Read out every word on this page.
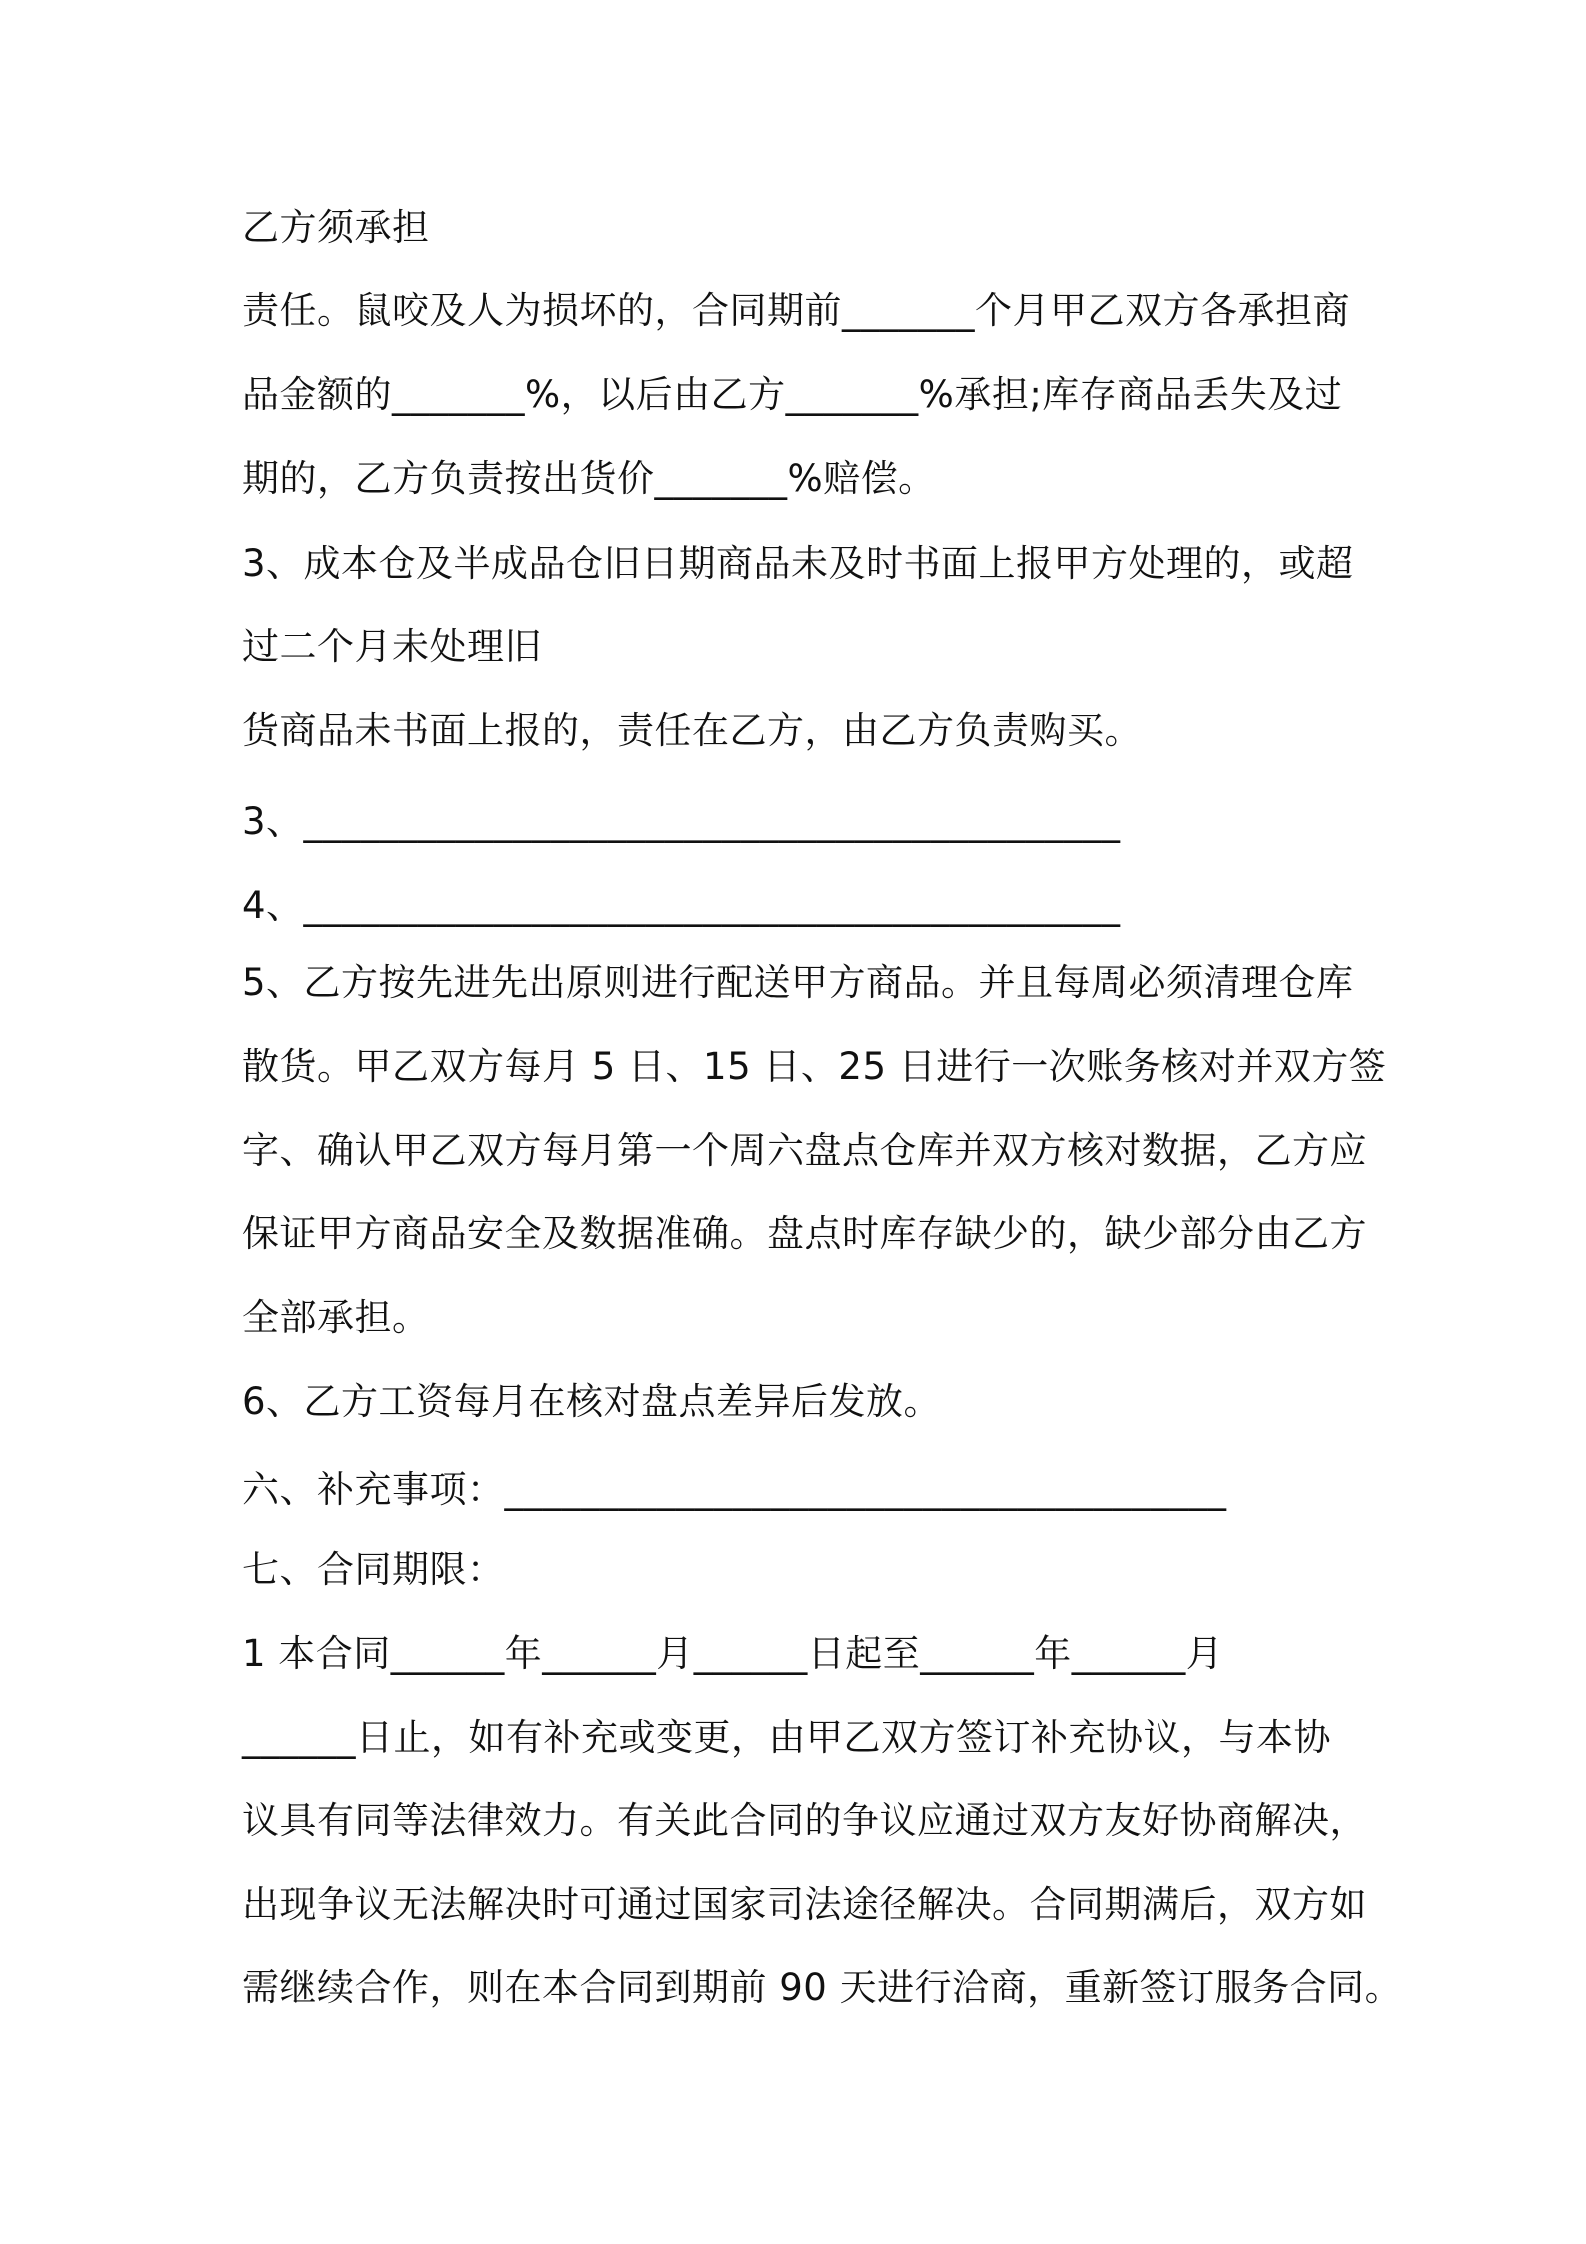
乙方须承担
责任。鼠咬及人为损坏的，合同期前_______个月甲乙双方各承担商
品金额的_______%，以后由乙方_______%承担;库存商品丢失及过
期的，乙方负责按出货价_______%赔偿。
3、成本仓及半成品仓旧日期商品未及时书面上报甲方处理的，或超
过二个月未处理旧
货商品未书面上报的，责任在乙方，由乙方负责购买。
3、___________________________________________
4、___________________________________________
5、乙方按先进先出原则进行配送甲方商品。并且每周必须清理仓库
散货。甲乙双方每月 5 日、15 日、25 日进行一次账务核对并双方签
字、确认甲乙双方每月第一个周六盘点仓库并双方核对数据，乙方应
保证甲方商品安全及数据准确。盘点时库存缺少的，缺少部分由乙方
全部承担。
6、乙方工资每月在核对盘点差异后发放。
六、补充事项：______________________________________
七、合同期限：
1 本合同______年______月______日起至______年______月
______日止，如有补充或变更，由甲乙双方签订补充协议，与本协
议具有同等法律效力。有关此合同的争议应通过双方友好协商解决，
出现争议无法解决时可通过国家司法途径解决。合同期满后，双方如
需继续合作，则在本合同到期前 90 天进行洽商，重新签订服务合同。
